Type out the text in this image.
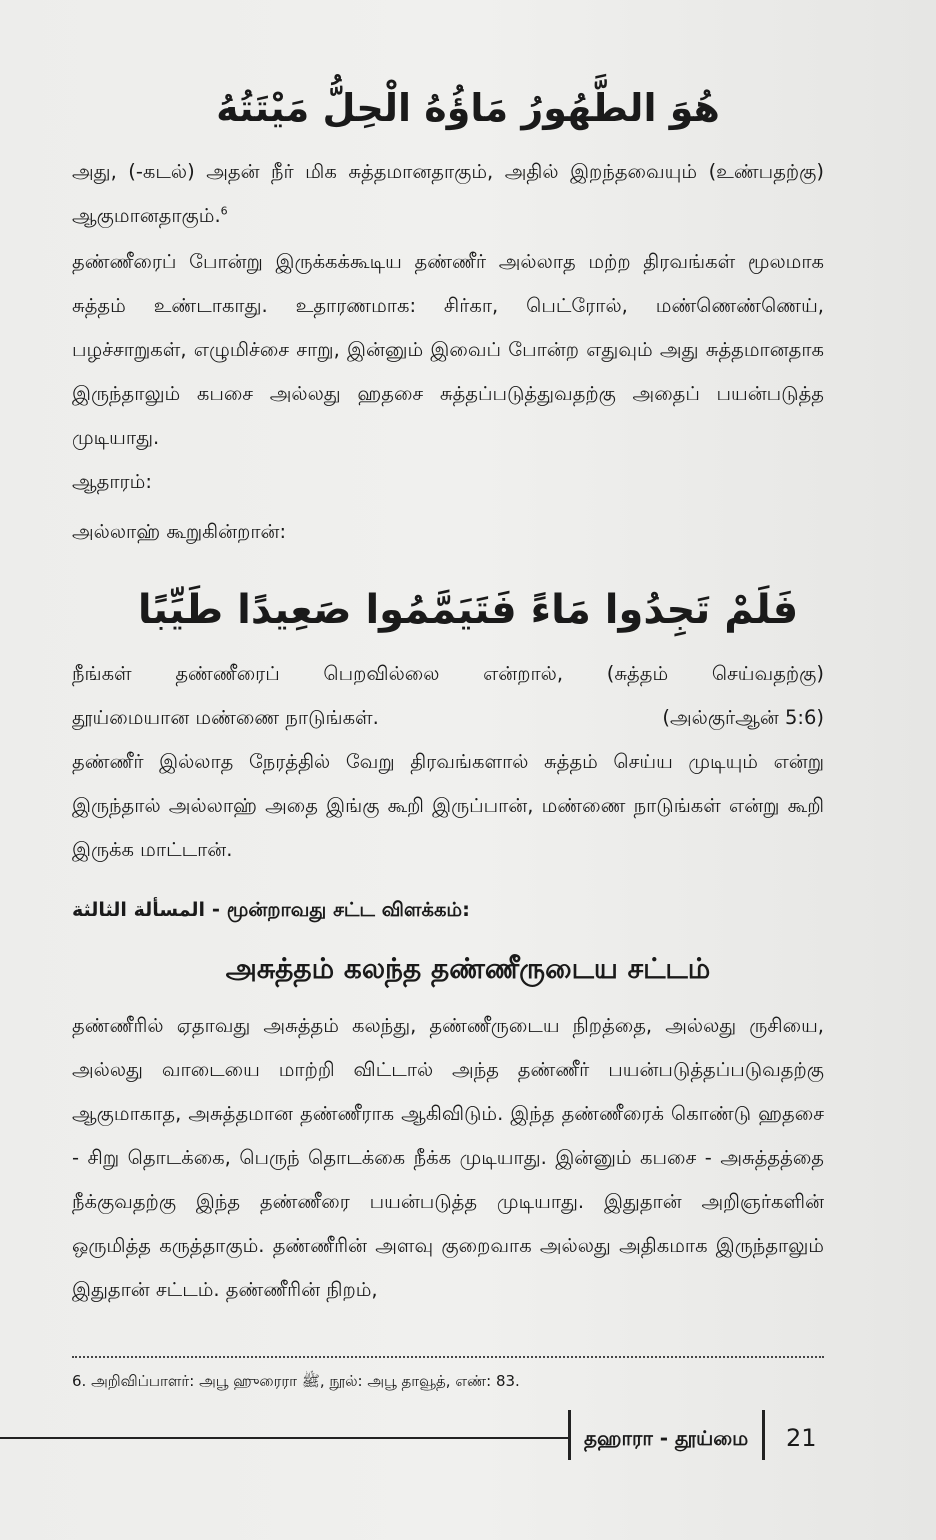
هُوَ الطَّهُورُ مَاؤُهُ الْحِلُّ مَيْتَتُهُ

அது, (-கடல்) அதன் நீர் மிக சுத்தமானதாகும், அதில் இறந்தவையும் (உண்பதற்கு) ஆகுமானதாகும்.$^6$

தண்ணீரைப் போன்று இருக்கக்கூடிய தண்ணீர் அல்லாத மற்ற திரவங்கள் மூலமாக சுத்தம் உண்டாகாது. உதாரணமாக: சிர்கா, பெட்ரோல், மண்ணெண்ணெய், பழச்சாறுகள், எழுமிச்சை சாறு, இன்னும் இவைப் போன்ற எதுவும் அது சுத்தமானதாக இருந்தாலும் கபசை அல்லது ஹதசை சுத்தப்படுத்துவதற்கு அதைப் பயன்படுத்த முடியாது.

ஆதாரம்:

அல்லாஹ் கூறுகின்றான்:

فَلَمْ تَجِدُوا مَاءً فَتَيَمَّمُوا صَعِيدًا طَيِّبًا
நீங்கள் தண்ணீரைப் பெறவில்லை என்றால், (சுத்தம் செய்வதற்கு)
தூய்மையான மண்ணை நாடுங்கள்.	(அல்குர்ஆன் 5:6)

தண்ணீர் இல்லாத நேரத்தில் வேறு திரவங்களால் சுத்தம் செய்ய முடியும் என்று இருந்தால் அல்லாஹ் அதை இங்கு கூறி இருப்பான், மண்ணை நாடுங்கள் என்று கூறி இருக்க மாட்டான்.

المسألة الثالثة - மூன்றாவது சட்ட விளக்கம்:
அசுத்தம் கலந்த தண்ணீருடைய சட்டம்

தண்ணீரில் ஏதாவது அசுத்தம் கலந்து, தண்ணீருடைய நிறத்தை, அல்லது ருசியை, அல்லது வாடையை மாற்றி விட்டால் அந்த தண்ணீர் பயன்படுத்தப்படுவதற்கு ஆகுமாகாத, அசுத்தமான தண்ணீராக ஆகிவிடும். இந்த தண்ணீரைக் கொண்டு ஹதசை - சிறு தொடக்கை, பெருந் தொடக்கை நீக்க முடியாது. இன்னும் கபசை - அசுத்தத்தை நீக்குவதற்கு இந்த தண்ணீரை பயன்படுத்த முடியாது. இதுதான் அறிஞர்களின் ஒருமித்த கருத்தாகும். தண்ணீரின் அளவு குறைவாக அல்லது அதிகமாக இருந்தாலும் இதுதான் சட்டம். தண்ணீரின் நிறம்,

6. அறிவிப்பாளர்: அபூ ஹுரைரா ﷺ, நூல்: அபூ தாவூத், எண்: 83.
தஹாரா - தூய்மை 21
